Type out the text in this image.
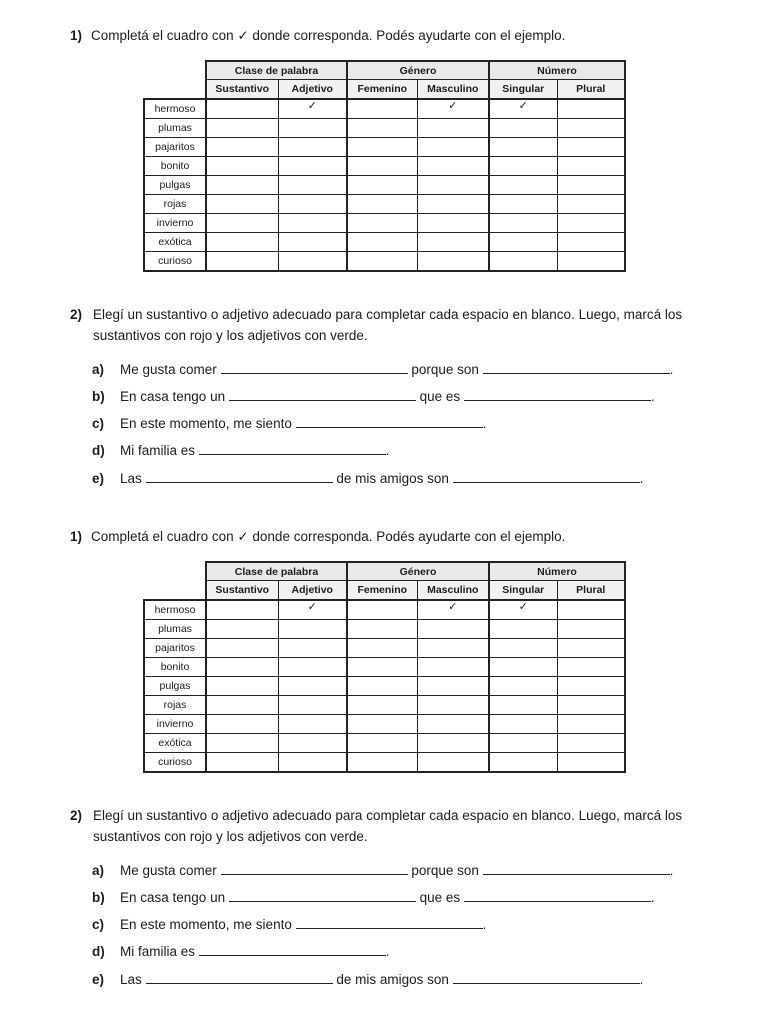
1) Completá el cuadro con ✓ donde corresponda. Podés ayudarte con el ejemplo.
	Clase de palabra		Género		Número	
	Sustantivo	Adjetivo	Femenino	Masculino	Singular	Plural
hermoso		✓		✓	✓	
plumas						
pajaritos						
bonito						
pulgas						
rojas						
invierno						
exótica						
curioso						
2) Elegí un sustantivo o adjetivo adecuado para completar cada espacio en blanco. Luego, marcá los sustantivos con rojo y los adjetivos con verde.
a) Me gusta comer	porque son	.
b) En casa tengo un	que es	.
c) En este momento, me siento	.
d) Mi familia es	.
e) Las	de mis amigos son	.
1) Completá el cuadro con ✓ donde corresponda. Podés ayudarte con el ejemplo.
	Clase de palabra		Género		Número	
	Sustantivo	Adjetivo	Femenino	Masculino	Singular	Plural
hermoso		✓		✓	✓	
plumas						
pajaritos						
bonito						
pulgas						
rojas						
invierno						
exótica						
curioso						
2) Elegí un sustantivo o adjetivo adecuado para completar cada espacio en blanco. Luego, marcá los sustantivos con rojo y los adjetivos con verde.
a) Me gusta comer	porque son	.
b) En casa tengo un	que es	.
c) En este momento, me siento	.
d) Mi familia es	.
e) Las	de mis amigos son	.
